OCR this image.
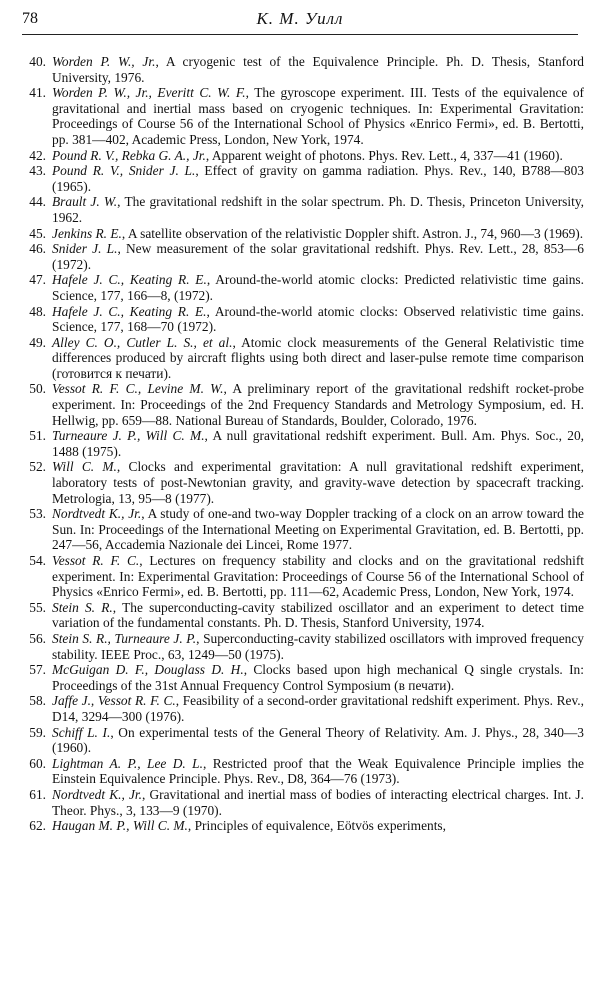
78	К. М. Уилл
40. Worden P. W., Jr., A cryogenic test of the Equivalence Principle. Ph. D. Thesis, Stanford University, 1976.
41. Worden P. W., Jr., Everitt C. W. F., The gyroscope experiment. III. Tests of the equivalence of gravitational and inertial mass based on cryogenic techniques. In: Experimental Gravitation: Proceedings of Course 56 of the International School of Physics «Enrico Fermi», ed. B. Bertotti, pp. 381—402, Academic Press, London, New York, 1974.
42. Pound R. V., Rebka G. A., Jr., Apparent weight of photons. Phys. Rev. Lett., 4, 337—41 (1960).
43. Pound R. V., Snider J. L., Effect of gravity on gamma radiation. Phys. Rev., 140, B788—803 (1965).
44. Brault J. W., The gravitational redshift in the solar spectrum. Ph. D. Thesis, Princeton University, 1962.
45. Jenkins R. E., A satellite observation of the relativistic Doppler shift. Astron. J., 74, 960—3 (1969).
46. Snider J. L., New measurement of the solar gravitational redshift. Phys. Rev. Lett., 28, 853—6 (1972).
47. Hafele J. C., Keating R. E., Around-the-world atomic clocks: Predicted relativistic time gains. Science, 177, 166—8, (1972).
48. Hafele J. C., Keating R. E., Around-the-world atomic clocks: Observed relativistic time gains. Science, 177, 168—70 (1972).
49. Alley C. O., Cutler L. S., et al., Atomic clock measurements of the General Relativistic time differences produced by aircraft flights using both direct and laser-pulse remote time comparison (готовится к печати).
50. Vessot R. F. C., Levine M. W., A preliminary report of the gravitational redshift rocket-probe experiment. In: Proceedings of the 2nd Frequency Standards and Metrology Symposium, ed. H. Hellwig, pp. 659—88. National Bureau of Standards, Boulder, Colorado, 1976.
51. Turneaure J. P., Will C. M., A null gravitational redshift experiment. Bull. Am. Phys. Soc., 20, 1488 (1975).
52. Will C. M., Clocks and experimental gravitation: A null gravitational redshift experiment, laboratory tests of post-Newtonian gravity, and gravity-wave detection by spacecraft tracking. Metrologia, 13, 95—8 (1977).
53. Nordtvedt K., Jr., A study of one-and two-way Doppler tracking of a clock on an arrow toward the Sun. In: Proceedings of the International Meeting on Experimental Gravitation, ed. B. Bertotti, pp. 247—56, Accademia Nazionale dei Lincei, Rome 1977.
54. Vessot R. F. C., Lectures on frequency stability and clocks and on the gravitational redshift experiment. In: Experimental Gravitation: Proceedings of Course 56 of the International School of Physics «Enrico Fermi», ed. B. Bertotti, pp. 111—62, Academic Press, London, New York, 1974.
55. Stein S. R., The superconducting-cavity stabilized oscillator and an experiment to detect time variation of the fundamental constants. Ph. D. Thesis, Stanford University, 1974.
56. Stein S. R., Turneaure J. P., Superconducting-cavity stabilized oscillators with improved frequency stability. IEEE Proc., 63, 1249—50 (1975).
57. McGuigan D. F., Douglass D. H., Clocks based upon high mechanical Q single crystals. In: Proceedings of the 31st Annual Frequency Control Symposium (в печати).
58. Jaffe J., Vessot R. F. C., Feasibility of a second-order gravitational redshift experiment. Phys. Rev., D14, 3294—300 (1976).
59. Schiff L. I., On experimental tests of the General Theory of Relativity. Am. J. Phys., 28, 340—3 (1960).
60. Lightman A. P., Lee D. L., Restricted proof that the Weak Equivalence Principle implies the Einstein Equivalence Principle. Phys. Rev., D8, 364—76 (1973).
61. Nordtvedt K., Jr., Gravitational and inertial mass of bodies of interacting electrical charges. Int. J. Theor. Phys., 3, 133—9 (1970).
62. Haugan M. P., Will C. M., Principles of equivalence, Eötvös experiments,
